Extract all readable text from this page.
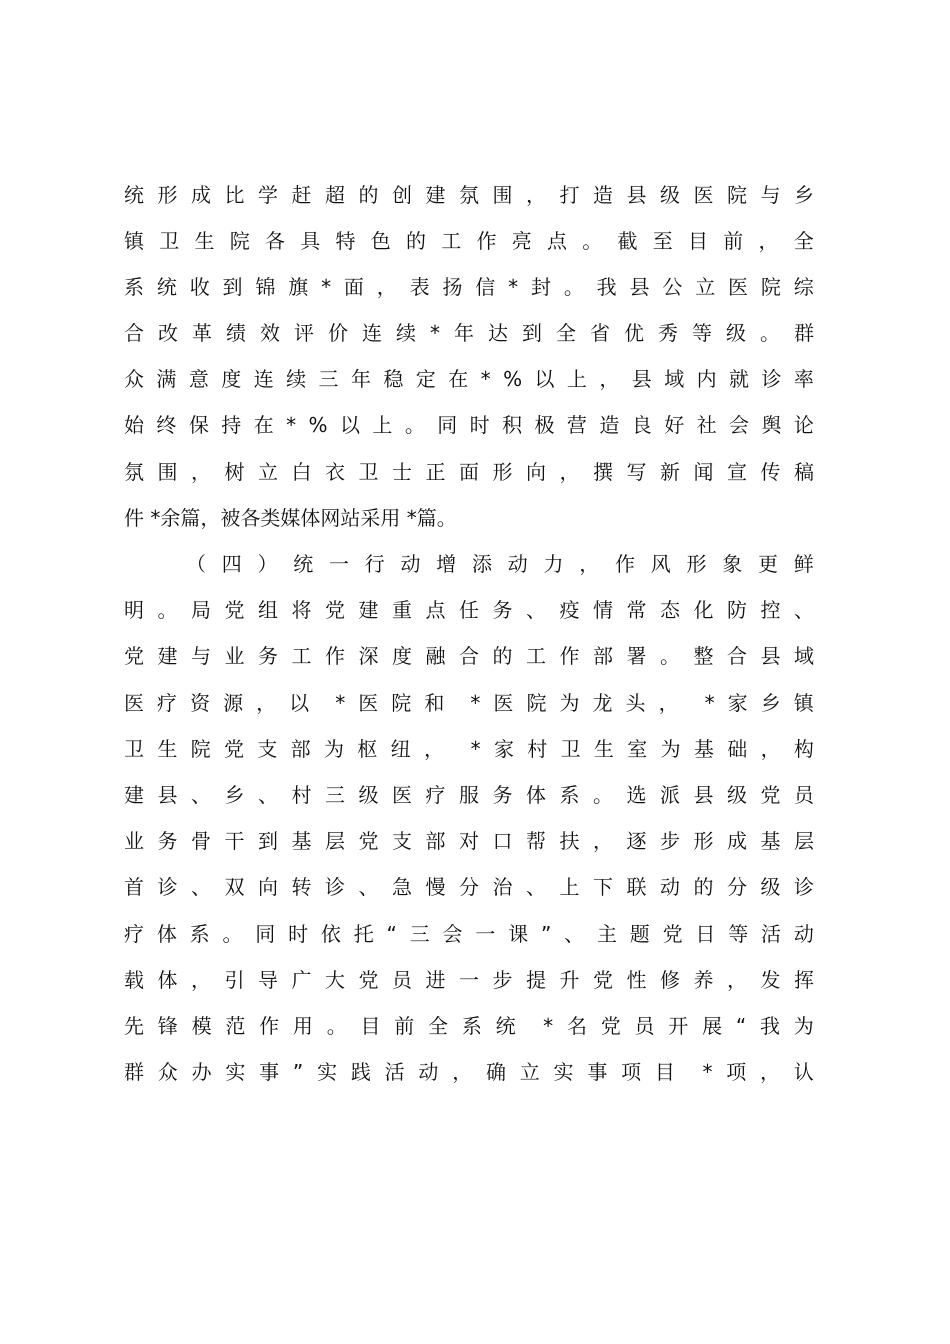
统 形 成 比 学 赶 超 的 创 建 氛 围 ， 打 造 县 级 医 院 与 乡
镇 卫 生 院 各 具 特 色 的 工 作 亮 点 。 截 至 目 前 ， 全
系 统 收 到 锦 旗 * 面 ， 表 扬 信 * 封 。 我 县 公 立 医 院 综
合 改 革 绩 效 评 价 连 续 * 年 达 到 全 省 优 秀 等 级 。 群
众 满 意 度 连 续 三 年 稳 定 在 * % 以 上 ， 县 域 内 就 诊 率
始 终 保 持 在 * % 以 上 。 同 时 积 极 营 造 良 好 社 会 舆 论
氛 围 ， 树 立 白 衣 卫 士 正 面 形 向 ， 撰 写 新 闻 宣 传 稿
件 *余篇，被各类媒体网站采用 *篇。
（ 四 ） 统 一 行 动 增 添 动 力 ， 作 风 形 象 更 鲜
明 。 局 党 组 将 党 建 重 点 任 务 、 疫 情 常 态 化 防 控 、
党 建 与 业 务 工 作 深 度 融 合 的 工 作 部 署 。 整 合 县 域
医 疗 资 源 ， 以 * 医 院 和 * 医 院 为 龙 头 ， * 家 乡 镇
卫 生 院 党 支 部 为 枢 纽 ， * 家 村 卫 生 室 为 基 础 ， 构
建 县 、 乡 、 村 三 级 医 疗 服 务 体 系 。 选 派 县 级 党 员
业 务 骨 干 到 基 层 党 支 部 对 口 帮 扶 ， 逐 步 形 成 基 层
首 诊 、 双 向 转 诊 、 急 慢 分 治 、 上 下 联 动 的 分 级 诊
疗 体 系 。 同 时 依 托 “ 三 会 一 课 ” 、 主 题 党 日 等 活 动
载 体 ， 引 导 广 大 党 员 进 一 步 提 升 党 性 修 养 ， 发 挥
先 锋 模 范 作 用 。 目 前 全 系 统 * 名 党 员 开 展 “ 我 为
群 众 办 实 事 ” 实 践 活 动 ， 确 立 实 事 项 目 * 项 ， 认
